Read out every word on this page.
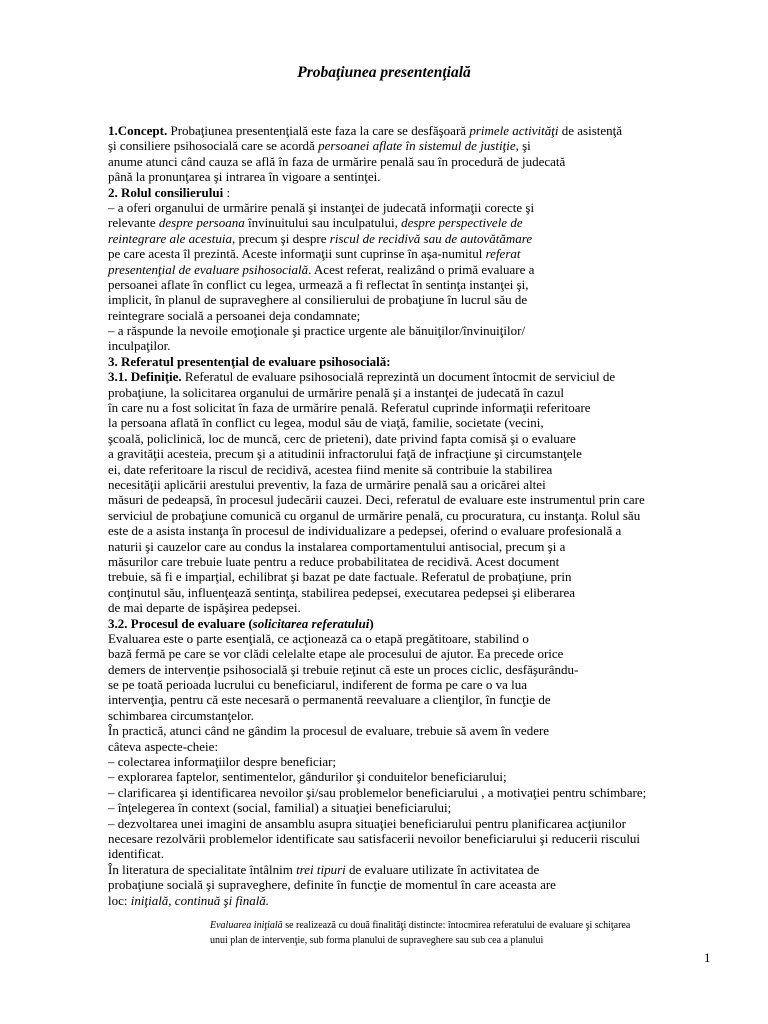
Probaţiunea presentenţială
1.Concept. Probaţiunea presentenţială este faza la care se desfăşoară primele activităţi de asistenţă
şi consiliere psihosocială care se acordă persoanei aflate în sistemul de justiţie, şi
anume atunci când cauza se află în faza de urmărire penală sau în procedură de judecată
până la pronunţarea şi intrarea în vigoare a sentinţei.
2. Rolul consilierului :
– a oferi organului de urmărire penală şi instanţei de judecată informaţii corecte şi
relevante despre persoana învinuitului sau inculpatului, despre perspectivele de
reintegrare ale acestuia, precum şi despre riscul de recidivă sau de autovătămare
pe care acesta îl prezintă. Aceste informaţii sunt cuprinse în aşa-numitul referat
presentenţial de evaluare psihosocială. Acest referat, realizând o primă evaluare a
persoanei aflate în conflict cu legea, urmează a fi reflectat în sentinţa instanţei şi,
implicit, în planul de supraveghere al consilierului de probaţiune în lucrul său de
reintegrare socială a persoanei deja condamnate;
– a răspunde la nevoile emoţionale şi practice urgente ale bănuiţilor/învinuiţilor/
inculpaţilor.
3. Referatul presentenţial de evaluare psihosocială:
3.1. Definiţie. Referatul de evaluare psihosocială reprezintă un document întocmit de serviciul de
probaţiune, la solicitarea organului de urmărire penală şi a instanţei de judecată în cazul
în care nu a fost solicitat în faza de urmărire penală. Referatul cuprinde informaţii referitoare
la persoana aflată în conflict cu legea, modul său de viaţă, familie, societate (vecini,
şcoală, policlinică, loc de muncă, cerc de prieteni), date privind fapta comisă şi o evaluare
a gravităţii acesteia, precum şi a atitudinii infractorului faţă de infracţiune şi circumstanţele
ei, date referitoare la riscul de recidivă, acestea fiind menite să contribuie la stabilirea
necesităţii aplicării arestului preventiv, la faza de urmărire penală sau a oricărei altei
măsuri de pedeapsă, în procesul judecării cauzei. Deci, referatul de evaluare este instrumentul prin care
serviciul de probaţiune comunică cu organul de urmărire penală, cu procuratura, cu instanţa. Rolul său
este de a asista instanţa în procesul de individualizare a pedepsei, oferind o evaluare profesională a
naturii şi cauzelor care au condus la instalarea comportamentului antisocial, precum şi a
măsurilor care trebuie luate pentru a reduce probabilitatea de recidivă. Acest document
trebuie, să fi e imparţial, echilibrat şi bazat pe date factuale. Referatul de probaţiune, prin
conţinutul său, influenţează sentinţa, stabilirea pedepsei, executarea pedepsei şi eliberarea
de mai departe de ispăşirea pedepsei.
3.2. Procesul de evaluare (solicitarea referatului)
Evaluarea este o parte esenţială, ce acţionează ca o etapă pregătitoare, stabilind o
bază fermă pe care se vor clădi celelalte etape ale procesului de ajutor. Ea precede orice
demers de intervenţie psihosocială şi trebuie reţinut că este un proces ciclic, desfăşurându-
se pe toată perioada lucrului cu beneficiarul, indiferent de forma pe care o va lua
intervenţia, pentru că este necesară o permanentă reevaluare a clienţilor, în funcţie de
schimbarea circumstanţelor.
În practică, atunci când ne gândim la procesul de evaluare, trebuie să avem în vedere
câteva aspecte-cheie:
– colectarea informaţiilor despre beneficiar;
– explorarea faptelor, sentimentelor, gândurilor şi conduitelor beneficiarului;
– clarificarea şi identificarea nevoilor şi/sau problemelor beneficiarului , a motivaţiei pentru schimbare;
– înţelegerea în context (social, familial) a situaţiei beneficiarului;
– dezvoltarea unei imagini de ansamblu asupra situaţiei beneficiarului pentru planificarea acţiunilor
necesare rezolvării problemelor identificate sau satisfacerii nevoilor beneficiarului şi reducerii riscului
identificat.
În literatura de specialitate întâlnim trei tipuri de evaluare utilizate în activitatea de
probaţiune socială şi supraveghere, definite în funcţie de momentul în care aceasta are
loc: iniţială, continuă şi finală.
Evaluarea iniţială se realizează cu două finalităţi distincte: întocmirea referatului de evaluare şi schiţarea
unui plan de intervenţie, sub forma planului de supraveghere sau sub cea a planului
1
